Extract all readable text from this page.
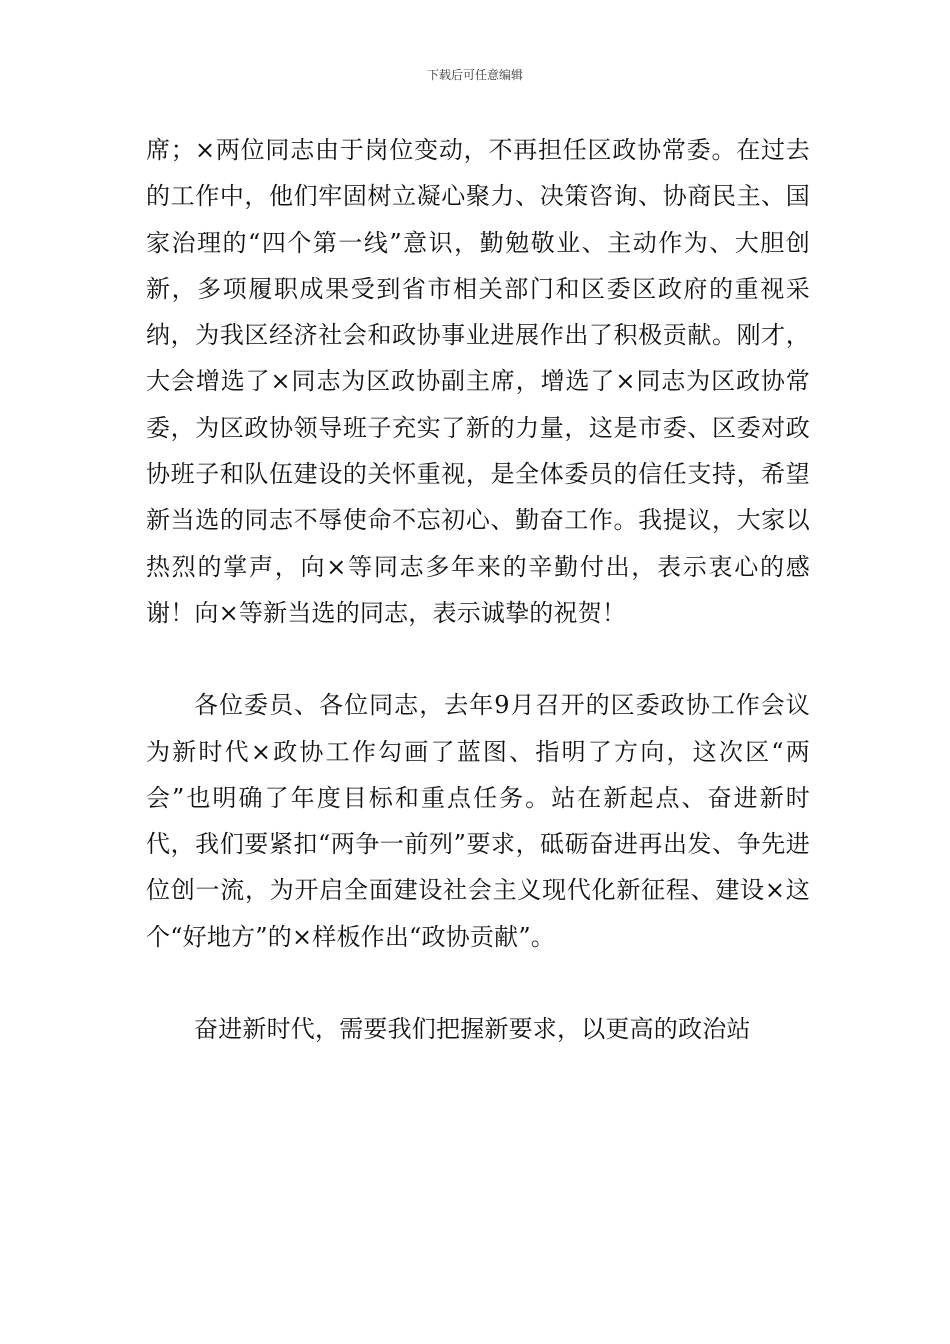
下载后可任意编辑

席；×两位同志由于岗位变动，不再担任区政协常委。在过去的工作中，他们牢固树立凝心聚力、决策咨询、协商民主、国家治理的“四个第一线”意识，勤勉敬业、主动作为、大胆创新，多项履职成果受到省市相关部门和区委区政府的重视采纳，为我区经济社会和政协事业进展作出了积极贡献。刚才，大会增选了×同志为区政协副主席，增选了×同志为区政协常委，为区政协领导班子充实了新的力量，这是市委、区委对政协班子和队伍建设的关怀重视，是全体委员的信任支持，希望新当选的同志不辱使命不忘初心、勤奋工作。我提议，大家以热烈的掌声，向×等同志多年来的辛勤付出，表示衷心的感谢！向×等新当选的同志，表示诚挚的祝贺！

各位委员、各位同志，去年9月召开的区委政协工作会议为新时代×政协工作勾画了蓝图、指明了方向，这次区“两会”也明确了年度目标和重点任务。站在新起点、奋进新时代，我们要紧扣“两争一前列”要求，砥砺奋进再出发、争先进位创一流，为开启全面建设社会主义现代化新征程、建设×这个“好地方”的×样板作出“政协贡献”。

奋进新时代，需要我们把握新要求，以更高的政治站
